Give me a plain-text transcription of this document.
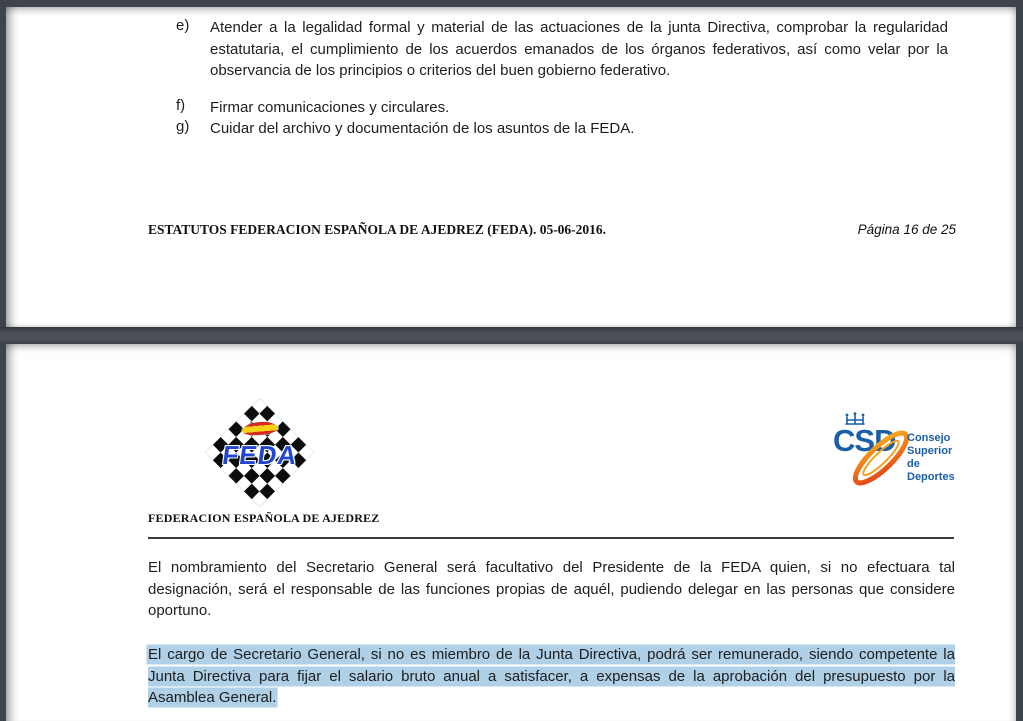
e) Atender a la legalidad formal y material de las actuaciones de la junta Directiva, comprobar la regularidad estatutaria, el cumplimiento de los acuerdos emanados de los órganos federativos, así como velar por la observancia de los principios o criterios del buen gobierno federativo.
f) Firmar comunicaciones y circulares.
g) Cuidar del archivo y documentación de los asuntos de la FEDA.
ESTATUTOS FEDERACION ESPAÑOLA DE AJEDREZ (FEDA). 05-06-2016.	Página 16 de 25
FEDA	CSD Consejo Superior de Deportes
FEDERACION ESPAÑOLA DE AJEDREZ

El nombramiento del Secretario General será facultativo del Presidente de la FEDA quien, si no efectuara tal designación, será el responsable de las funciones propias de aquél, pudiendo delegar en las personas que considere oportuno.

El cargo de Secretario General, si no es miembro de la Junta Directiva, podrá ser remunerado, siendo competente la Junta Directiva para fijar el salario bruto anual a satisfacer, a expensas de la aprobación del presupuesto por la Asamblea General.
